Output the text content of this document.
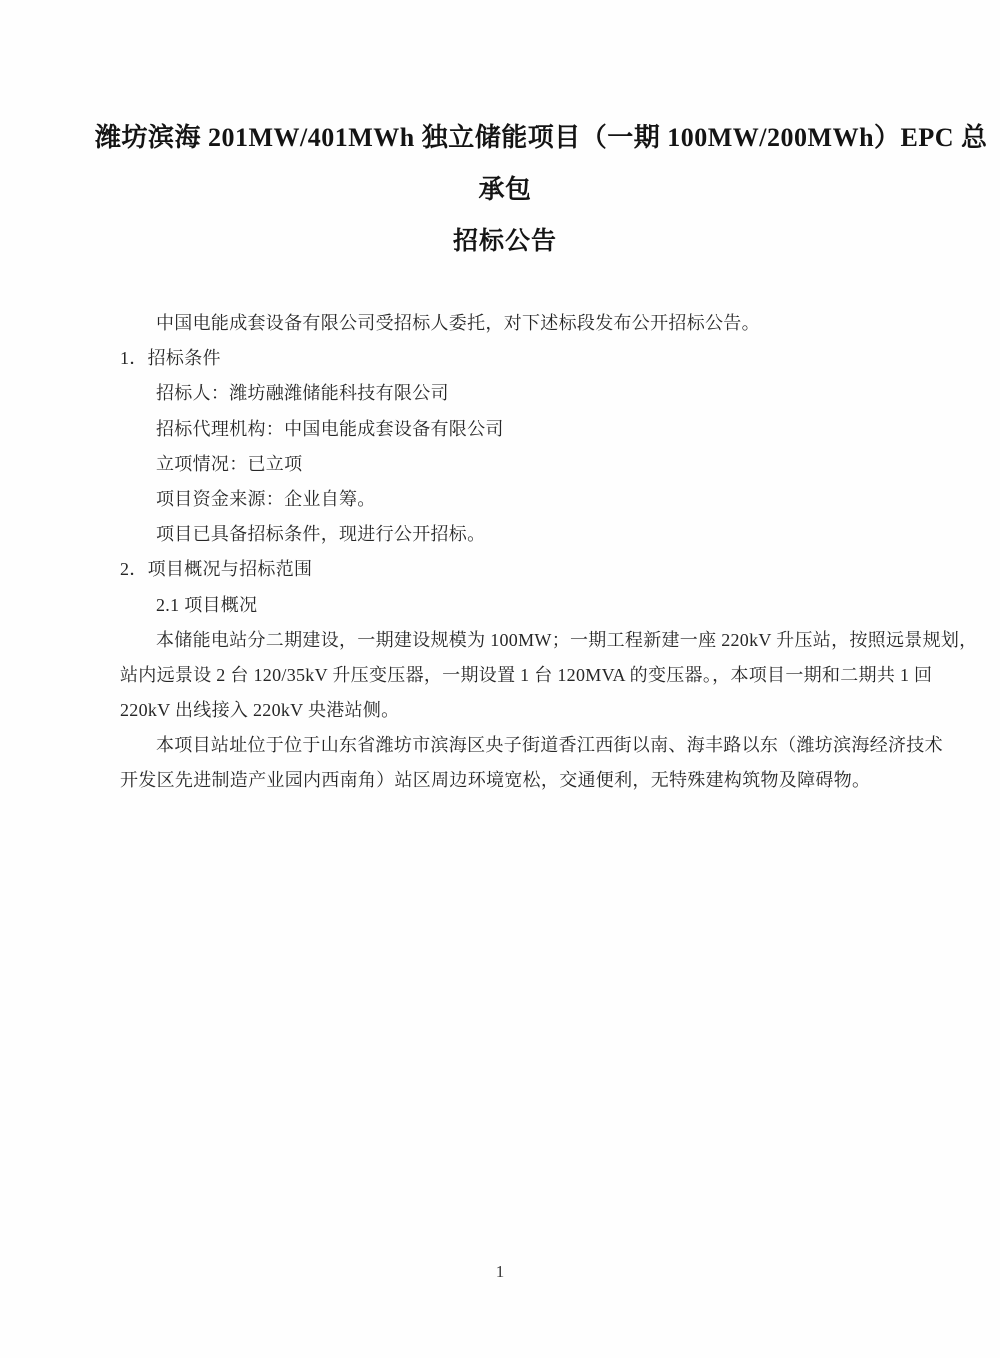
潍坊滨海 201MW/401MWh 独立储能项目（一期 100MW/200MWh）EPC 总
承包
招标公告
中国电能成套设备有限公司受招标人委托，对下述标段发布公开招标公告。
1．招标条件
招标人：潍坊融潍储能科技有限公司
招标代理机构：中国电能成套设备有限公司
立项情况：已立项
项目资金来源：企业自筹。
项目已具备招标条件，现进行公开招标。
2．项目概况与招标范围
2.1 项目概况
本储能电站分二期建设，一期建设规模为 100MW；一期工程新建一座 220kV 升压站，按照远景规划，
站内远景设 2 台 120/35kV 升压变压器，一期设置 1 台 120MVA 的变压器。，本项目一期和二期共 1 回
220kV 出线接入 220kV 央港站侧。
本项目站址位于位于山东省潍坊市滨海区央子街道香江西街以南、海丰路以东（潍坊滨海经济技术
开发区先进制造产业园内西南角）站区周边环境宽松，交通便利，无特殊建构筑物及障碍物。
1
